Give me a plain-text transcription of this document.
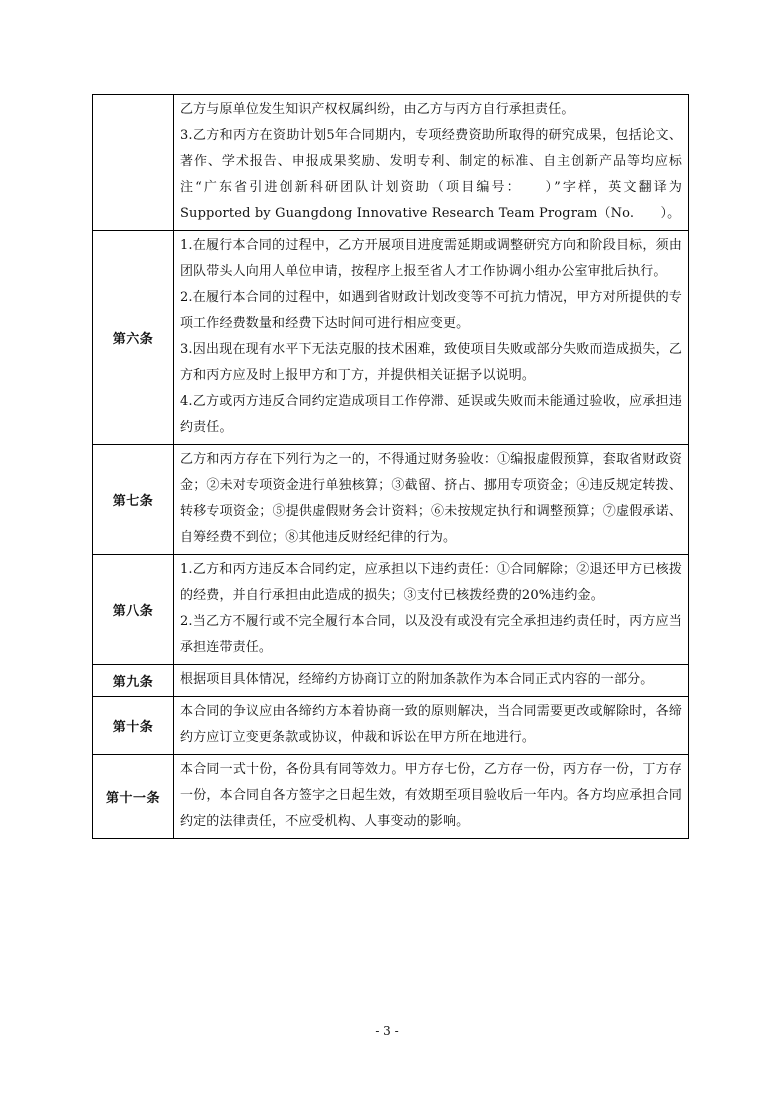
	乙方与原单位发生知识产权权属纠纷，由乙方与丙方自行承担责任。

3.乙方和丙方在资助计划5年合同期内，专项经费资助所取得的研究成果，包括论文、著作、学术报告、申报成果奖励、发明专利、制定的标准、自主创新产品等均应标注“广东省引进创新科研团队计划资助（项目编号：　　）”字样，英文翻译为Supported by Guangdong Innovative Research Team Program（No.　　）。

第六条	1.在履行本合同的过程中，乙方开展项目进度需延期或调整研究方向和阶段目标，须由团队带头人向用人单位申请，按程序上报至省人才工作协调小组办公室审批后执行。

2.在履行本合同的过程中，如遇到省财政计划改变等不可抗力情况，甲方对所提供的专项工作经费数量和经费下达时间可进行相应变更。

3.因出现在现有水平下无法克服的技术困难，致使项目失败或部分失败而造成损失，乙方和丙方应及时上报甲方和丁方，并提供相关证据予以说明。

4.乙方或丙方违反合同约定造成项目工作停滞、延误或失败而未能通过验收，应承担违约责任。

第七条	乙方和丙方存在下列行为之一的，不得通过财务验收：①编报虚假预算，套取省财政资金；②未对专项资金进行单独核算；③截留、挤占、挪用专项资金；④违反规定转拨、转移专项资金；⑤提供虚假财务会计资料；⑥未按规定执行和调整预算；⑦虚假承诺、自筹经费不到位；⑧其他违反财经纪律的行为。

第八条	1.乙方和丙方违反本合同约定，应承担以下违约责任：①合同解除；②退还甲方已核拨的经费，并自行承担由此造成的损失；③支付已核拨经费的20%违约金。

2.当乙方不履行或不完全履行本合同，以及没有或没有完全承担违约责任时，丙方应当承担连带责任。

第九条	根据项目具体情况，经缔约方协商订立的附加条款作为本合同正式内容的一部分。

第十条	本合同的争议应由各缔约方本着协商一致的原则解决，当合同需要更改或解除时，各缔约方应订立变更条款或协议，仲裁和诉讼在甲方所在地进行。

第十一条	本合同一式十份，各份具有同等效力。甲方存七份，乙方存一份，丙方存一份，丁方存一份，本合同自各方签字之日起生效，有效期至项目验收后一年内。各方均应承担合同约定的法律责任，不应受机构、人事变动的影响。

- 3 -
